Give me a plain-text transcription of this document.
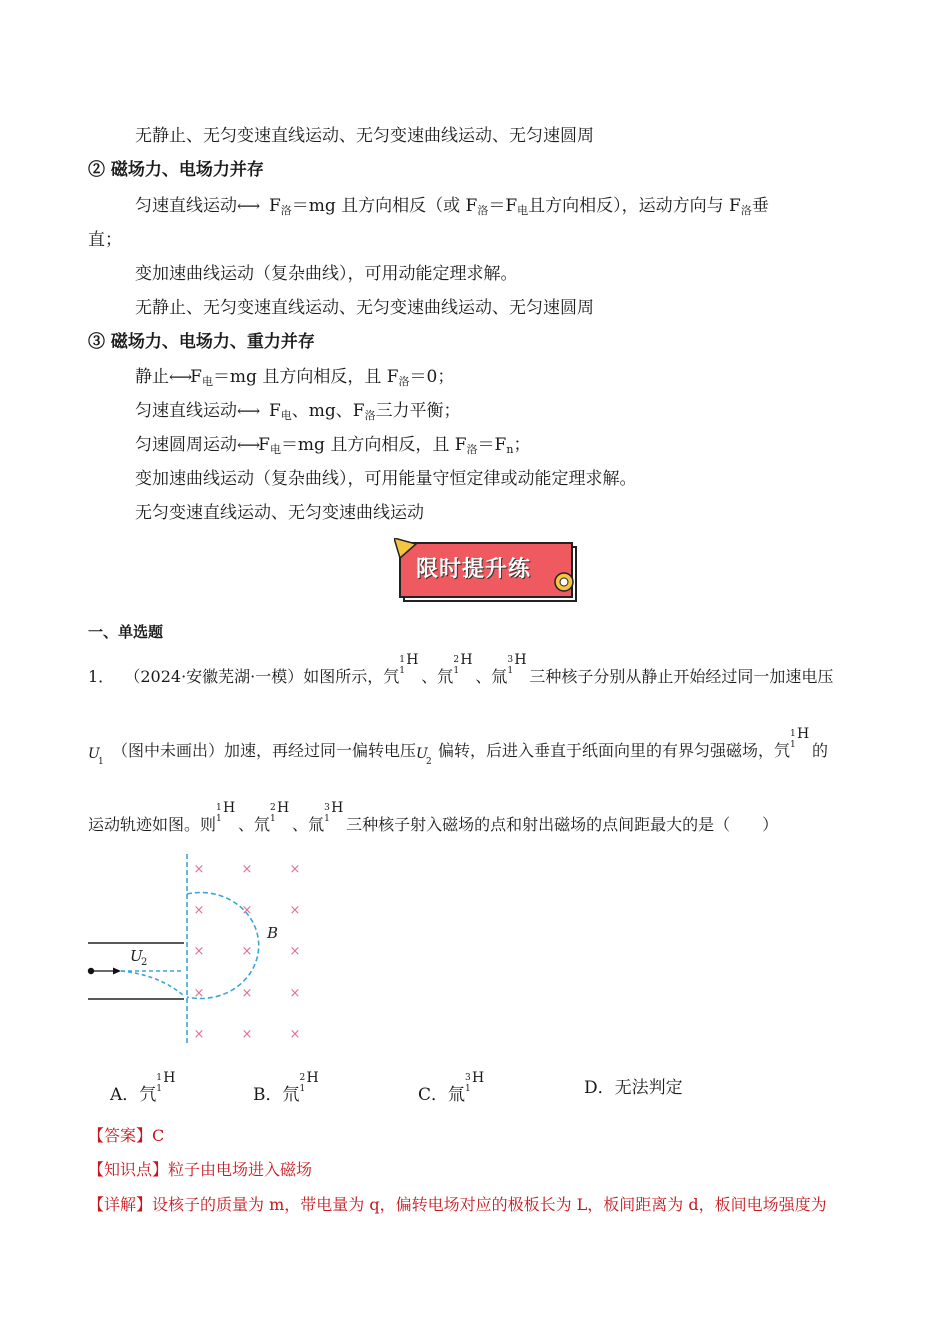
无静止、无匀变速直线运动、无匀变速曲线运动、无匀速圆周
② 磁场力、电场力并存
匀速直线运动←→ $F_洛=mg$ 且方向相反（或 $F_洛=F_电$且方向相反），运动方向与 $F_洛$垂
直；
变加速曲线运动（复杂曲线），可用动能定理求解。
无静止、无匀变速直线运动、无匀变速曲线运动、无匀速圆周
③ 磁场力、电场力、重力并存
静止$\leftarrow\to F_电=mg$ 且方向相反，且 $F_洛=0$；
匀速直线运动←→ $F_电$、mg、$F_洛$三力平衡；
匀速圆周运动$\leftarrow\to F_电=mg$ 且方向相反，且 $F_洛=F_n$；
变加速曲线运动（复杂曲线），可用能量守恒定律或动能定理求解。
无匀变速直线运动、无匀变速曲线运动
限时提升练
一、单选题
1． （2024·安徽芜湖·一模）如图所示，氕
1
1
H
、氘
2
1
H
、氚
3
1
H
三种核子分别从静止开始经过同一加速电压
U
1
（图中未画出）加速，再经过同一偏转电压 U
2
偏转，后进入垂直于纸面向里的有界匀强磁场，氕
1
1
H
的
运动轨迹如图。则
1
1
H
、氘
2
1
H
、氚
3
1
H
三种核子射入磁场的点和射出磁场的点间距最大的是（　　）
×	×	×
×	×	×
×	×	×
×	×	×
×	×	×
B
U
2
A．氕
1
1
H
B．氘
2
1
H
C．氚
3
1
H	D．无法判定
【答案】C
【知识点】粒子由电场进入磁场
【详解】设核子的质量为 m，带电量为 q，偏转电场对应的极板长为 L，板间距离为 d，板间电场强度为
